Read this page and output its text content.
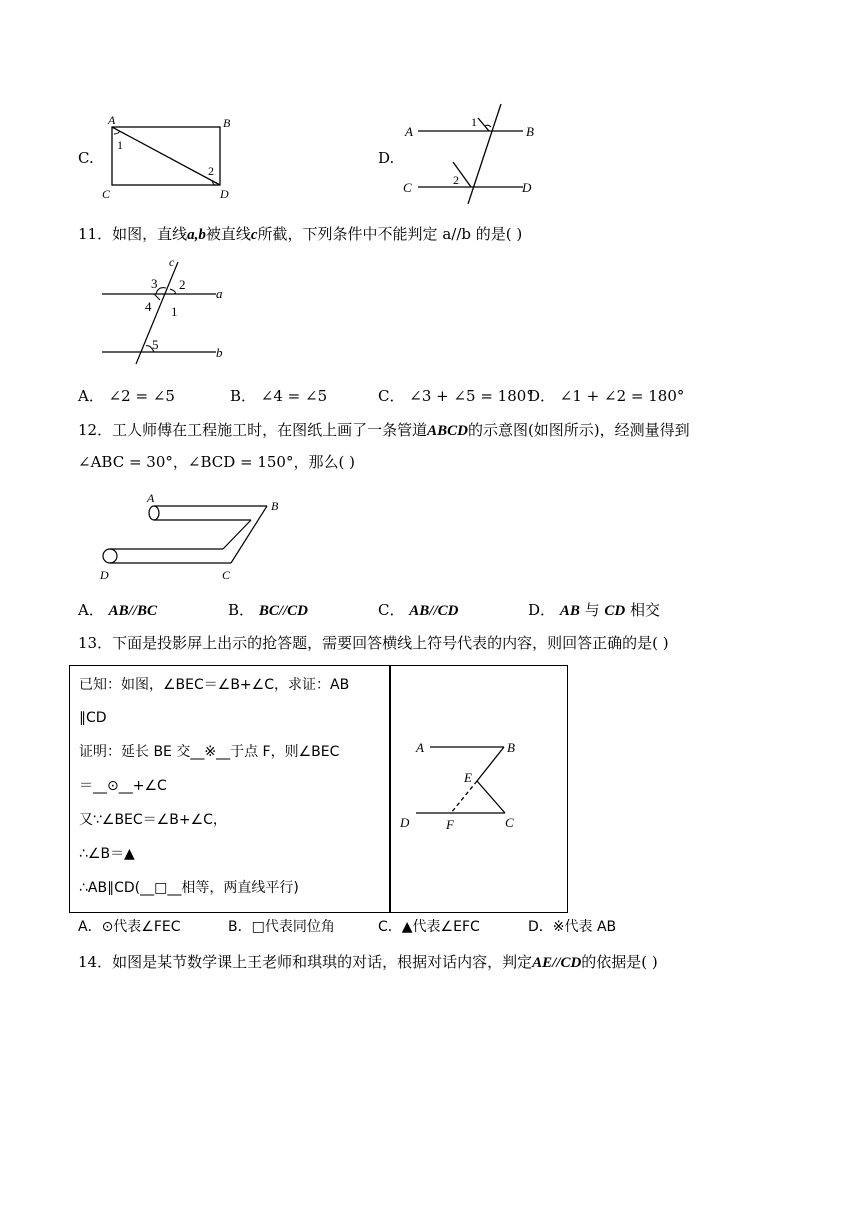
C.
A	B
C	D
1
2
D.
A	B
C	D
1
2
11．如图，直线a,b被直线c所截，下列条件中不能判定 a//b 的是( )
c
a
b
1
2
3
4
5
A． ∠2 = ∠5	B． ∠4 = ∠5	C． ∠3 + ∠5 = 180°
D． ∠1 + ∠2 = 180°
12．工人师傅在工程施工时，在图纸上画了一条管道ABCD的示意图(如图所示)，经测量得到
∠ABC = 30°，∠BCD = 150°，那么( )
A
B
C
D
A． AB//BC	B． BC//CD	C． AB//CD	D． AB 与 CD 相交
13．下面是投影屏上出示的抢答题，需要回答横线上符号代表的内容，则回答正确的是( )
已知：如图，∠BEC＝∠B+∠C，求证：AB
∥CD
证明：延长 BE 交__※__于点 F，则∠BEC
＝__⊙__+∠C
又∵∠BEC＝∠B+∠C，
∴∠B＝▲
∴AB∥CD(__□__相等，两直线平行)
A	B
E
D	F	C
A．⊙代表∠FEC	B．□代表同位角	C．▲代表∠EFC	D．※代表 AB
14．如图是某节数学课上王老师和琪琪的对话，根据对话内容，判定AE//CD的依据是( )
